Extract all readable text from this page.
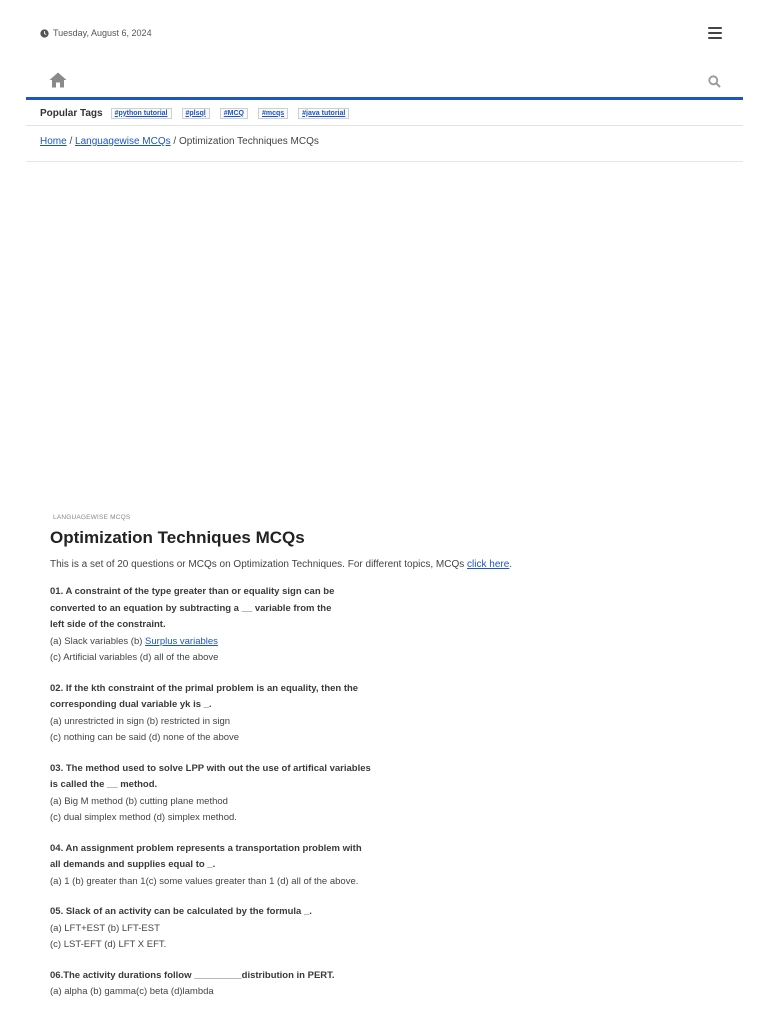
Tuesday, August 6, 2024
Popular Tags	#python tutorial	#plsql	#MCQ	#mcqs	#java tutorial
Home / Languagewise MCQs / Optimization Techniques MCQs
LANGUAGEWISE MCQS
Optimization Techniques MCQs

This is a set of 20 questions or MCQs on Optimization Techniques. For different topics, MCQs click here.

01. A constraint of the type greater than or equality sign can be
converted to an equation by subtracting a __ variable from the
left side of the constraint.
(a) Slack variables (b) Surplus variables
(c) Artificial variables (d) all of the above
02. If the kth constraint of the primal problem is an equality, then the
corresponding dual variable yk is _.
(a) unrestricted in sign (b) restricted in sign
(c) nothing can be said (d) none of the above
03. The method used to solve LPP with out the use of artifical variables
is called the __ method.
(a) Big M method (b) cutting plane method
(c) dual simplex method (d) simplex method.
04. An assignment problem represents a transportation problem with
all demands and supplies equal to _.
(a) 1 (b) greater than 1(c) some values greater than 1 (d) all of the above.
05. Slack of an activity can be calculated by the formula _.
(a) LFT+EST (b) LFT-EST
(c) LST-EFT (d) LFT X EFT.
06.The activity durations follow _________distribution in PERT.
(a) alpha (b) gamma(c) beta (d)lambda
